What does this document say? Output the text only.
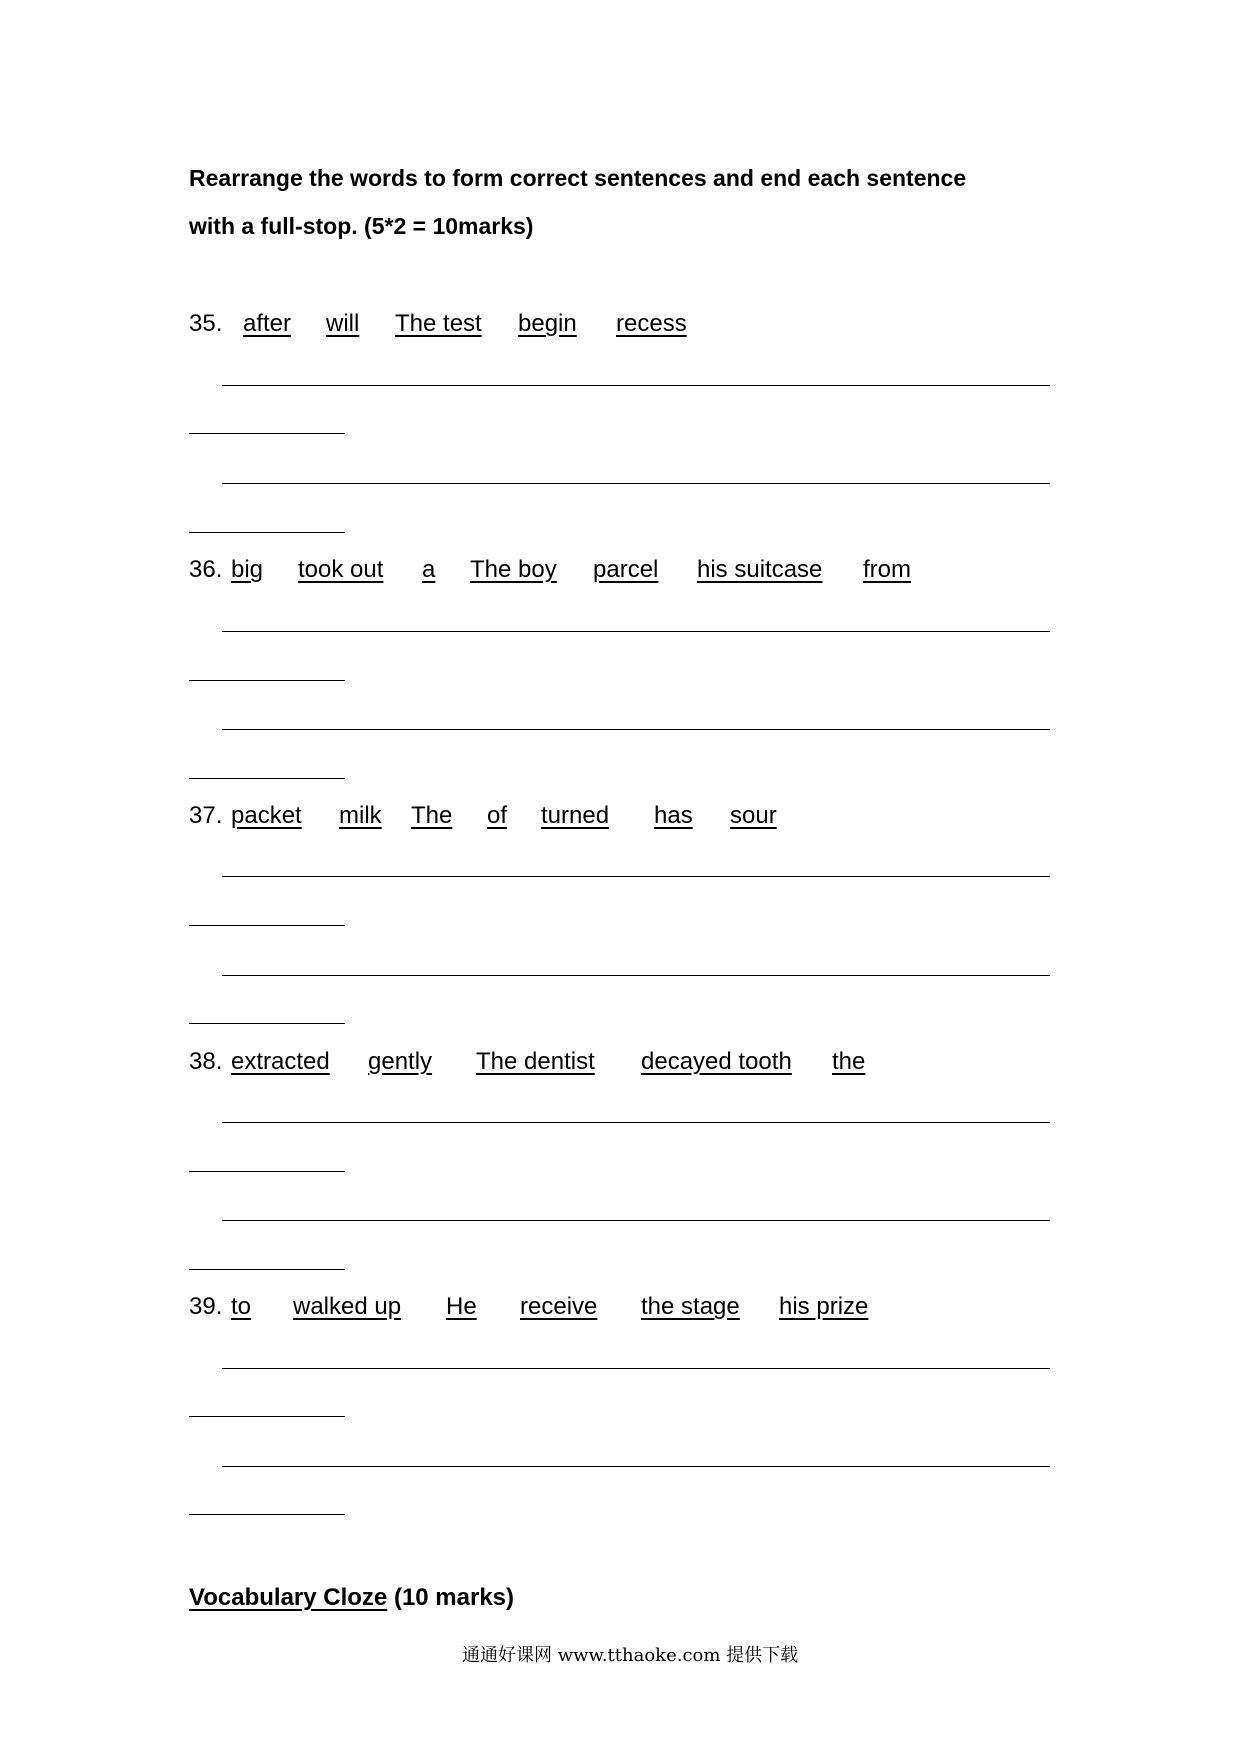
Rearrange the words to form correct sentences and end each sentence
with a full-stop. (5*2 = 10marks)
35. after will The test begin recess
36. big took out a The boy parcel his suitcase from
37. packet milk The of turned has sour
38. extracted gently The dentist decayed tooth the
39. to walked up He receive the stage his prize
Vocabulary Cloze (10 marks)
通通好课网 www.tthaoke.com 提供下载
